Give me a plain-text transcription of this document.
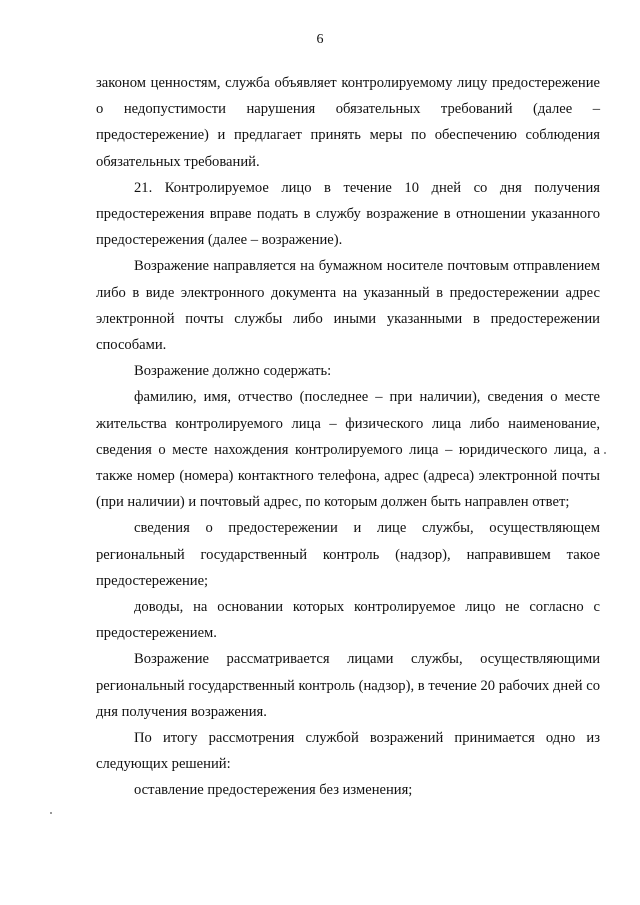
6

законом ценностям, служба объявляет контролируемому лицу предостережение о недопустимости нарушения обязательных требований (далее – предостережение) и предлагает принять меры по обеспечению соблюдения обязательных требований.

21. Контролируемое лицо в течение 10 дней со дня получения предостережения вправе подать в службу возражение в отношении указанного предостережения (далее – возражение).

Возражение направляется на бумажном носителе почтовым отправлением либо в виде электронного документа на указанный в предостережении адрес электронной почты службы либо иными указанными в предостережении способами.

Возражение должно содержать:

фамилию, имя, отчество (последнее – при наличии), сведения о месте жительства контролируемого лица – физического лица либо наименование, сведения о месте нахождения контролируемого лица – юридического лица, а также номер (номера) контактного телефона, адрес (адреса) электронной почты (при наличии) и почтовый адрес, по которым должен быть направлен ответ;

сведения о предостережении и лице службы, осуществляющем региональный государственный контроль (надзор), направившем такое предостережение;

доводы, на основании которых контролируемое лицо не согласно с предостережением.

Возражение рассматривается лицами службы, осуществляющими региональный государственный контроль (надзор), в течение 20 рабочих дней со дня получения возражения.

По итогу рассмотрения службой возражений принимается одно из следующих решений:

оставление предостережения без изменения;
